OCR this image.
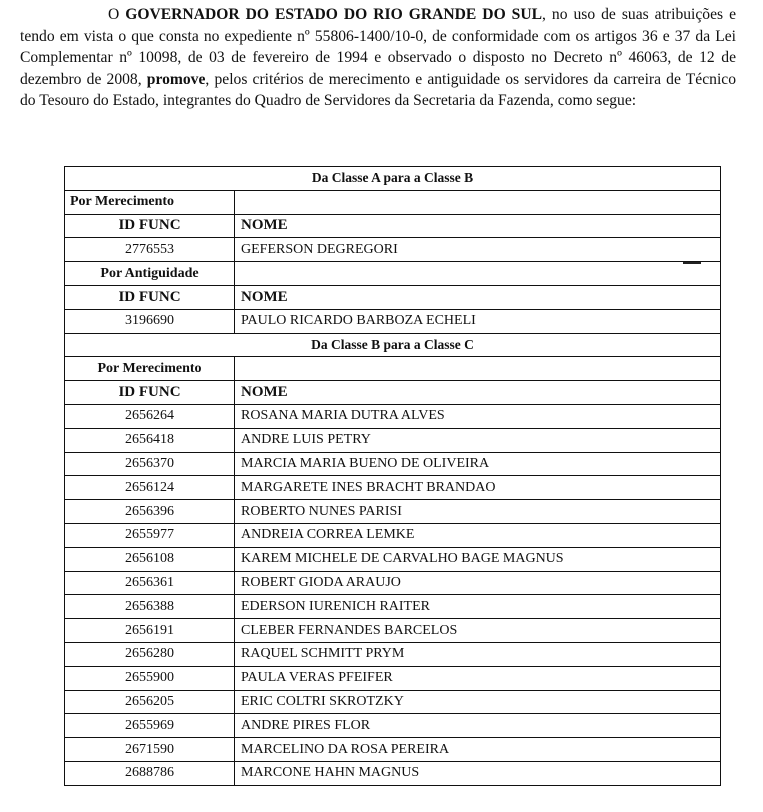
O GOVERNADOR DO ESTADO DO RIO GRANDE DO SUL, no uso de suas atribuições e tendo em vista o que consta no expediente nº 55806-1400/10-0, de conformidade com os artigos 36 e 37 da Lei Complementar nº 10098, de 03 de fevereiro de 1994 e observado o disposto no Decreto nº 46063, de 12 de dezembro de 2008, promove, pelos critérios de merecimento e antiguidade os servidores da carreira de Técnico do Tesouro do Estado, integrantes do Quadro de Servidores da Secretaria da Fazenda, como segue:
Da Classe A para a Classe B	
Por Merecimento	
ID FUNC	NOME
2776553	GEFERSON DEGREGORI
Por Antiguidade	
ID FUNC	NOME
3196690	PAULO RICARDO BARBOZA ECHELI
Da Classe B para a Classe C	
Por Merecimento	
ID FUNC	NOME
2656264	ROSANA MARIA DUTRA ALVES
2656418	ANDRE LUIS PETRY
2656370	MARCIA MARIA BUENO DE OLIVEIRA
2656124	MARGARETE INES BRACHT BRANDAO
2656396	ROBERTO NUNES PARISI
2655977	ANDREIA CORREA LEMKE
2656108	KAREM MICHELE DE CARVALHO BAGE MAGNUS
2656361	ROBERT GIODA ARAUJO
2656388	EDERSON IURENICH RAITER
2656191	CLEBER FERNANDES BARCELOS
2656280	RAQUEL SCHMITT PRYM
2655900	PAULA VERAS PFEIFER
2656205	ERIC COLTRI SKROTZKY
2655969	ANDRE PIRES FLOR
2671590	MARCELINO DA ROSA PEREIRA
2688786	MARCONE HAHN MAGNUS
